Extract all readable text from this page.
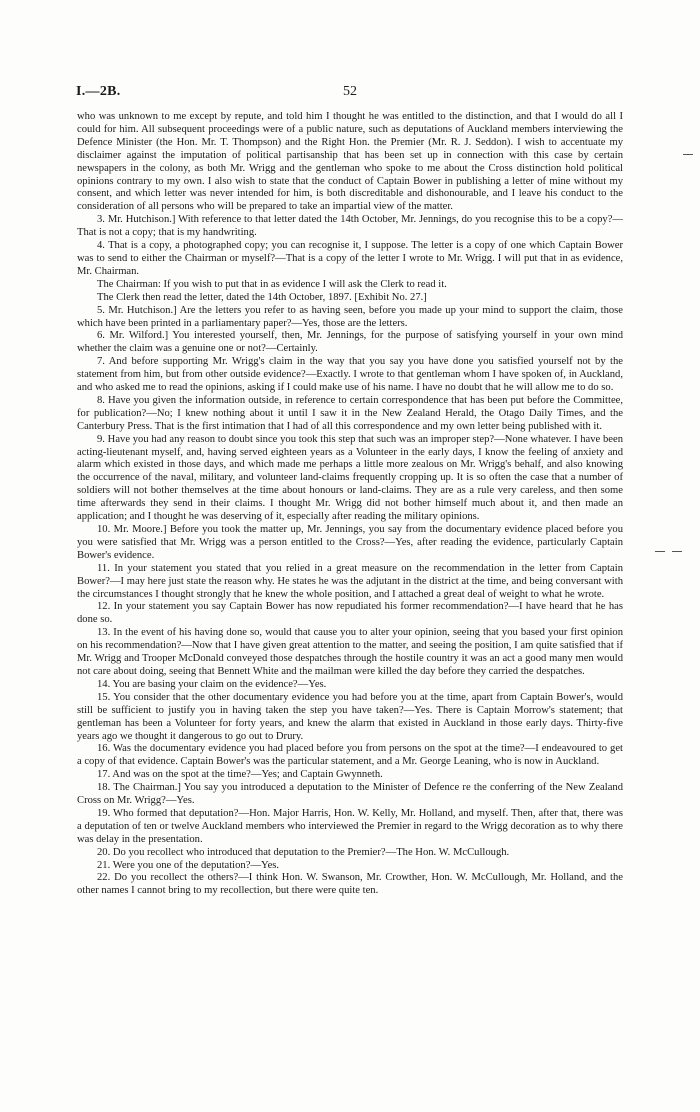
I.—2B.	52

who was unknown to me except by repute, and told him I thought he was entitled to the distinction, and that I would do all I could for him. All subsequent proceedings were of a public nature, such as deputations of Auckland members interviewing the Defence Minister (the Hon. Mr. T. Thompson) and the Right Hon. the Premier (Mr. R. J. Seddon). I wish to accentuate my disclaimer against the imputation of political partisanship that has been set up in connection with this case by certain newspapers in the colony, as both Mr. Wrigg and the gentleman who spoke to me about the Cross distinction hold political opinions contrary to my own. I also wish to state that the conduct of Captain Bower in publishing a letter of mine without my consent, and which letter was never intended for him, is both discreditable and dishonourable, and I leave his conduct to the consideration of all persons who will be prepared to take an impartial view of the matter.

3. Mr. Hutchison.] With reference to that letter dated the 14th October, Mr. Jennings, do you recognise this to be a copy?—That is not a copy; that is my handwriting.

4. That is a copy, a photographed copy; you can recognise it, I suppose. The letter is a copy of one which Captain Bower was to send to either the Chairman or myself?—That is a copy of the letter I wrote to Mr. Wrigg. I will put that in as evidence, Mr. Chairman.

The Chairman: If you wish to put that in as evidence I will ask the Clerk to read it.

The Clerk then read the letter, dated the 14th October, 1897. [Exhibit No. 27.]

5. Mr. Hutchison.] Are the letters you refer to as having seen, before you made up your mind to support the claim, those which have been printed in a parliamentary paper?—Yes, those are the letters.

6. Mr. Wilford.] You interested yourself, then, Mr. Jennings, for the purpose of satisfying yourself in your own mind whether the claim was a genuine one or not?—Certainly.

7. And before supporting Mr. Wrigg's claim in the way that you say you have done you satisfied yourself not by the statement from him, but from other outside evidence?—Exactly. I wrote to that gentleman whom I have spoken of, in Auckland, and who asked me to read the opinions, asking if I could make use of his name. I have no doubt that he will allow me to do so.

8. Have you given the information outside, in reference to certain correspondence that has been put before the Committee, for publication?—No; I knew nothing about it until I saw it in the New Zealand Herald, the Otago Daily Times, and the Canterbury Press. That is the first intimation that I had of all this correspondence and my own letter being published with it.

9. Have you had any reason to doubt since you took this step that such was an improper step?—None whatever. I have been acting-lieutenant myself, and, having served eighteen years as a Volunteer in the early days, I know the feeling of anxiety and alarm which existed in those days, and which made me perhaps a little more zealous on Mr. Wrigg's behalf, and also knowing the occurrence of the naval, military, and volunteer land-claims frequently cropping up. It is so often the case that a number of soldiers will not bother themselves at the time about honours or land-claims. They are as a rule very careless, and then some time afterwards they send in their claims. I thought Mr. Wrigg did not bother himself much about it, and then made an application; and I thought he was deserving of it, especially after reading the military opinions.

10. Mr. Moore.] Before you took the matter up, Mr. Jennings, you say from the documentary evidence placed before you you were satisfied that Mr. Wrigg was a person entitled to the Cross?—Yes, after reading the evidence, particularly Captain Bower's evidence.

11. In your statement you stated that you relied in a great measure on the recommendation in the letter from Captain Bower?—I may here just state the reason why. He states he was the adjutant in the district at the time, and being conversant with the circumstances I thought strongly that he knew the whole position, and I attached a great deal of weight to what he wrote.

12. In your statement you say Captain Bower has now repudiated his former recommendation?—I have heard that he has done so.

13. In the event of his having done so, would that cause you to alter your opinion, seeing that you based your first opinion on his recommendation?—Now that I have given great attention to the matter, and seeing the position, I am quite satisfied that if Mr. Wrigg and Trooper McDonald conveyed those despatches through the hostile country it was an act a good many men would not care about doing, seeing that Bennett White and the mailman were killed the day before they carried the despatches.

14. You are basing your claim on the evidence?—Yes.

15. You consider that the other documentary evidence you had before you at the time, apart from Captain Bower's, would still be sufficient to justify you in having taken the step you have taken?—Yes. There is Captain Morrow's statement; that gentleman has been a Volunteer for forty years, and knew the alarm that existed in Auckland in those early days. Thirty-five years ago we thought it dangerous to go out to Drury.

16. Was the documentary evidence you had placed before you from persons on the spot at the time?—I endeavoured to get a copy of that evidence. Captain Bower's was the particular statement, and a Mr. George Leaning, who is now in Auckland.

17. And was on the spot at the time?—Yes; and Captain Gwynneth.

18. The Chairman.] You say you introduced a deputation to the Minister of Defence re the conferring of the New Zealand Cross on Mr. Wrigg?—Yes.

19. Who formed that deputation?—Hon. Major Harris, Hon. W. Kelly, Mr. Holland, and myself. Then, after that, there was a deputation of ten or twelve Auckland members who interviewed the Premier in regard to the Wrigg decoration as to why there was delay in the presentation.

20. Do you recollect who introduced that deputation to the Premier?—The Hon. W. McCullough.

21. Were you one of the deputation?—Yes.

22. Do you recollect the others?—I think Hon. W. Swanson, Mr. Crowther, Hon. W. McCullough, Mr. Holland, and the other names I cannot bring to my recollection, but there were quite ten.
